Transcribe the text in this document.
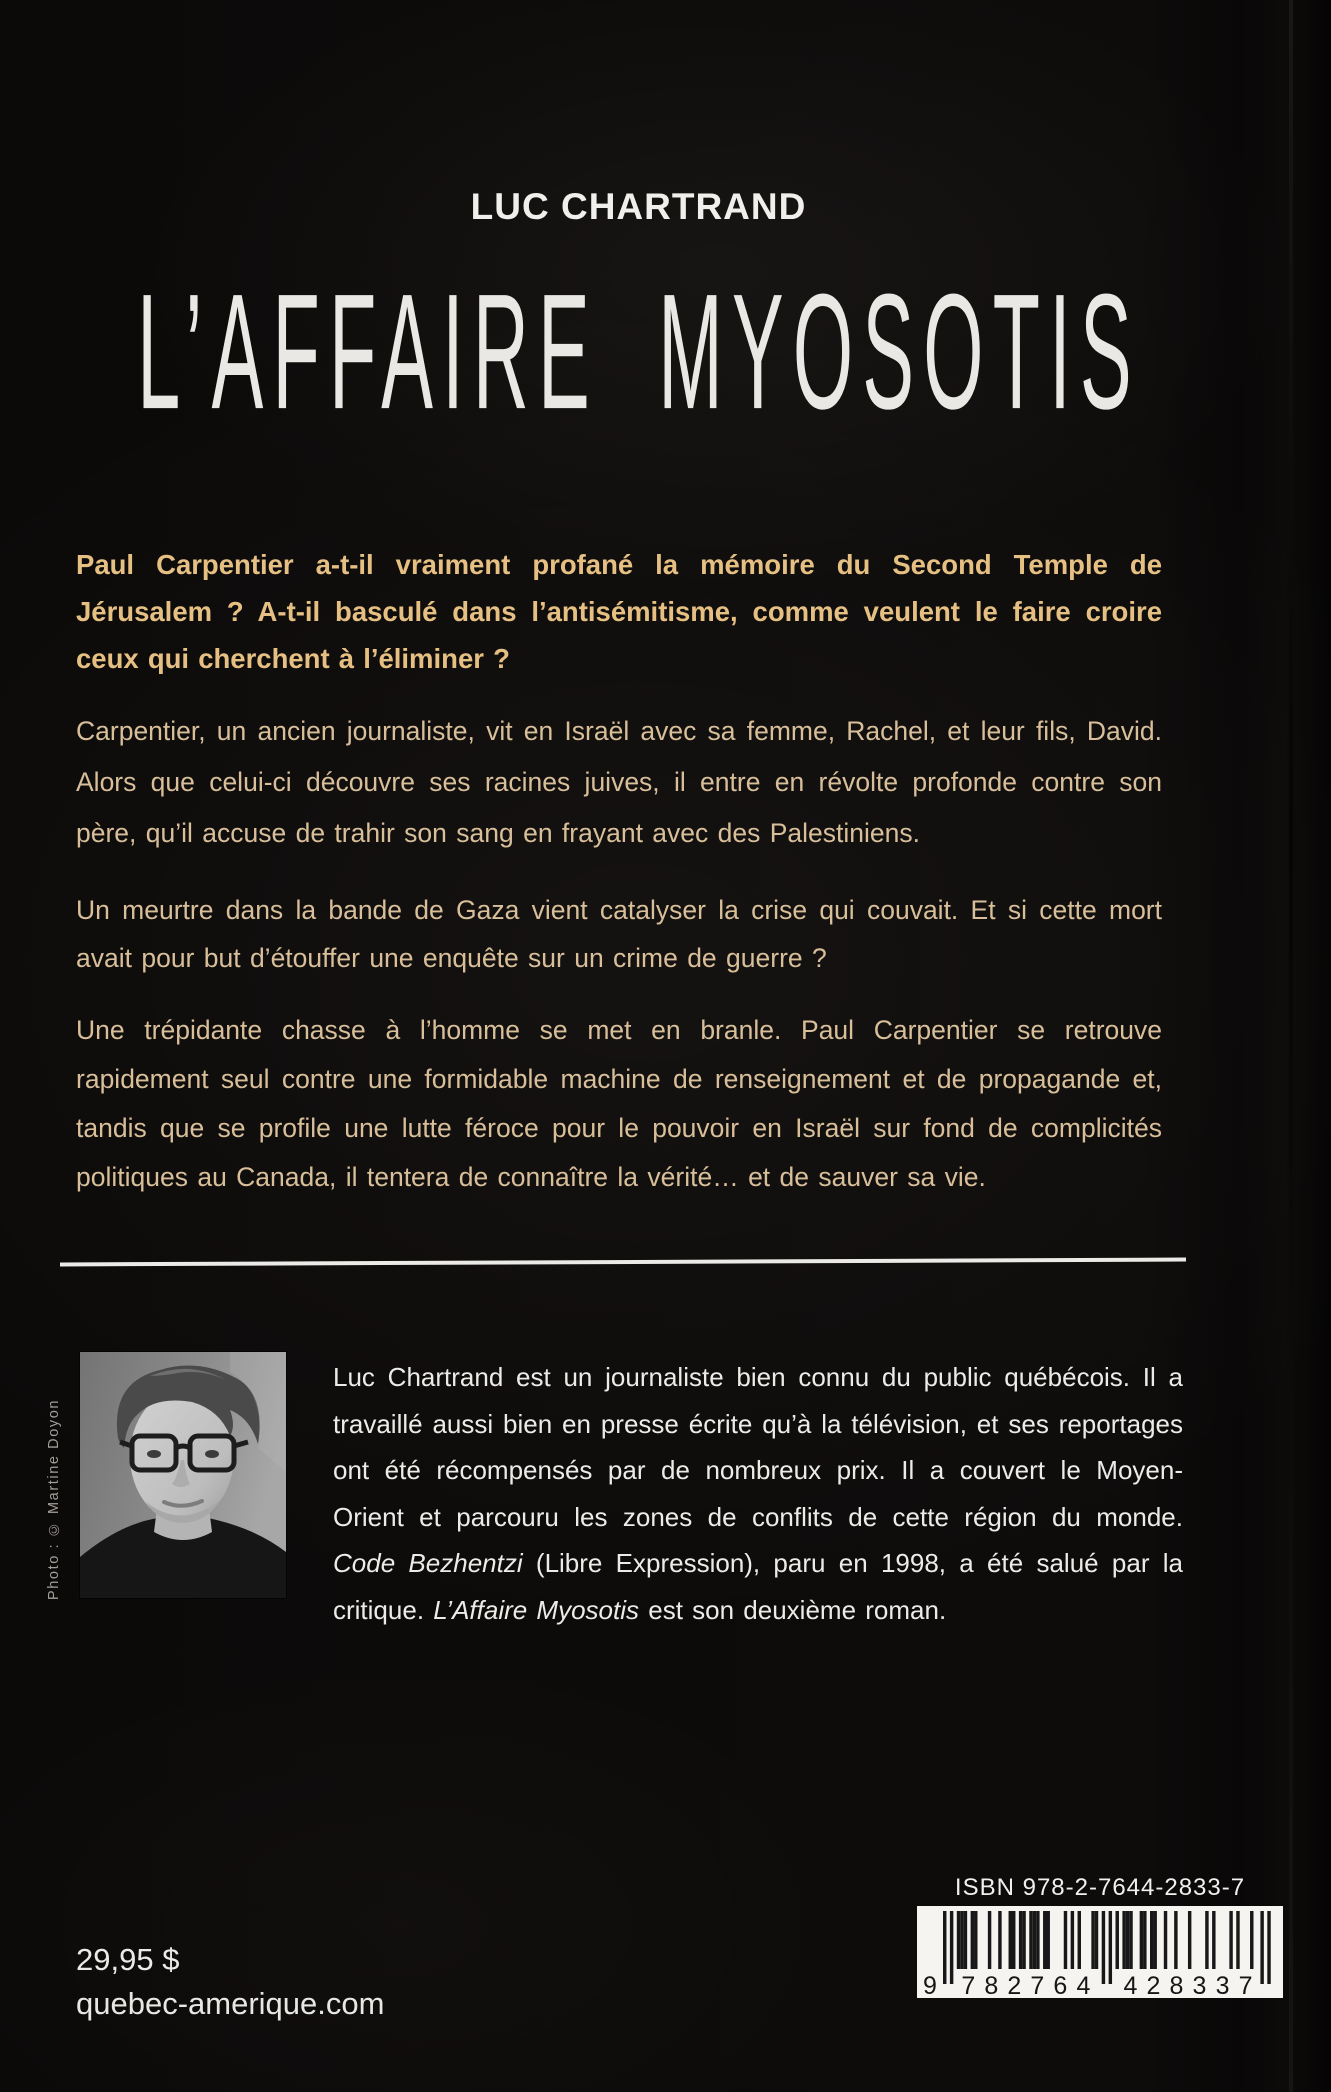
LUC CHARTRAND
L’AFFAIRE MYOSOTIS
Paul Carpentier a-t-il vraiment profané la mémoire du Second Temple de Jérusalem ? A-t-il basculé dans l’antisémitisme, comme veulent le faire croire ceux qui cherchent à l’éliminer ?
Carpentier, un ancien journaliste, vit en Israël avec sa femme, Rachel, et leur fils, David. Alors que celui-ci découvre ses racines juives, il entre en révolte profonde contre son père, qu’il accuse de trahir son sang en frayant avec des Palestiniens.
Un meurtre dans la bande de Gaza vient catalyser la crise qui couvait. Et si cette mort avait pour but d’étouffer une enquête sur un crime de guerre ?
Une trépidante chasse à l’homme se met en branle. Paul Carpentier se retrouve rapidement seul contre une formidable machine de renseignement et de propagande et, tandis que se profile une lutte féroce pour le pouvoir en Israël sur fond de complicités politiques au Canada, il tentera de connaître la vérité… et de sauver sa vie.
Photo : © Martine Doyon
Luc Chartrand est un journaliste bien connu du public québécois. Il a travaillé aussi bien en presse écrite qu’à la télévision, et ses reportages ont été récompensés par de nombreux prix. Il a couvert le Moyen-Orient et parcouru les zones de conflits de cette région du monde. Code Bezhentzi (Libre Expression), paru en 1998, a été salué par la critique. L’Affaire Myosotis est son deuxième roman.
ISBN 978-2-7644-2833-7
9 782764 428337
29,95 $
quebec-amerique.com
